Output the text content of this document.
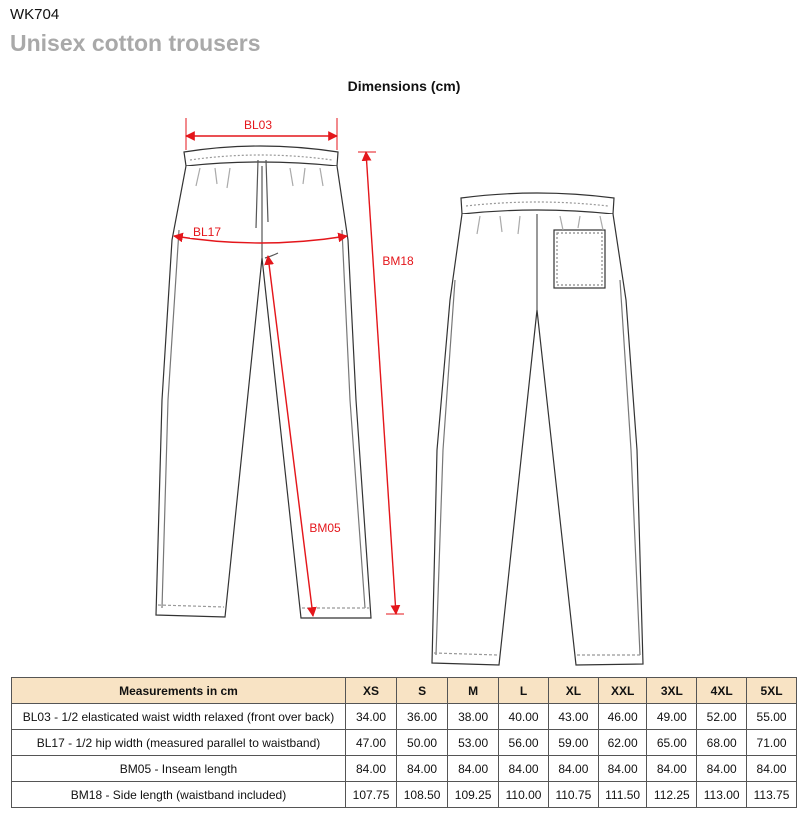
WK704
Unisex cotton trousers
Dimensions (cm)
BL03
BL17
BM18
BM05
Measurements in cm	XS	S	M	L	XL	XXL	3XL	4XL	5XL
BL03 - 1/2 elasticated waist width relaxed (front over back)	34.00	36.00	38.00	40.00	43.00	46.00	49.00	52.00	55.00
BL17 - 1/2 hip width (measured parallel to waistband)	47.00	50.00	53.00	56.00	59.00	62.00	65.00	68.00	71.00
BM05 - Inseam length	84.00	84.00	84.00	84.00	84.00	84.00	84.00	84.00	84.00
BM18 - Side length (waistband included)	107.75	108.50	109.25	110.00	110.75	111.50	112.25	113.00	113.75
